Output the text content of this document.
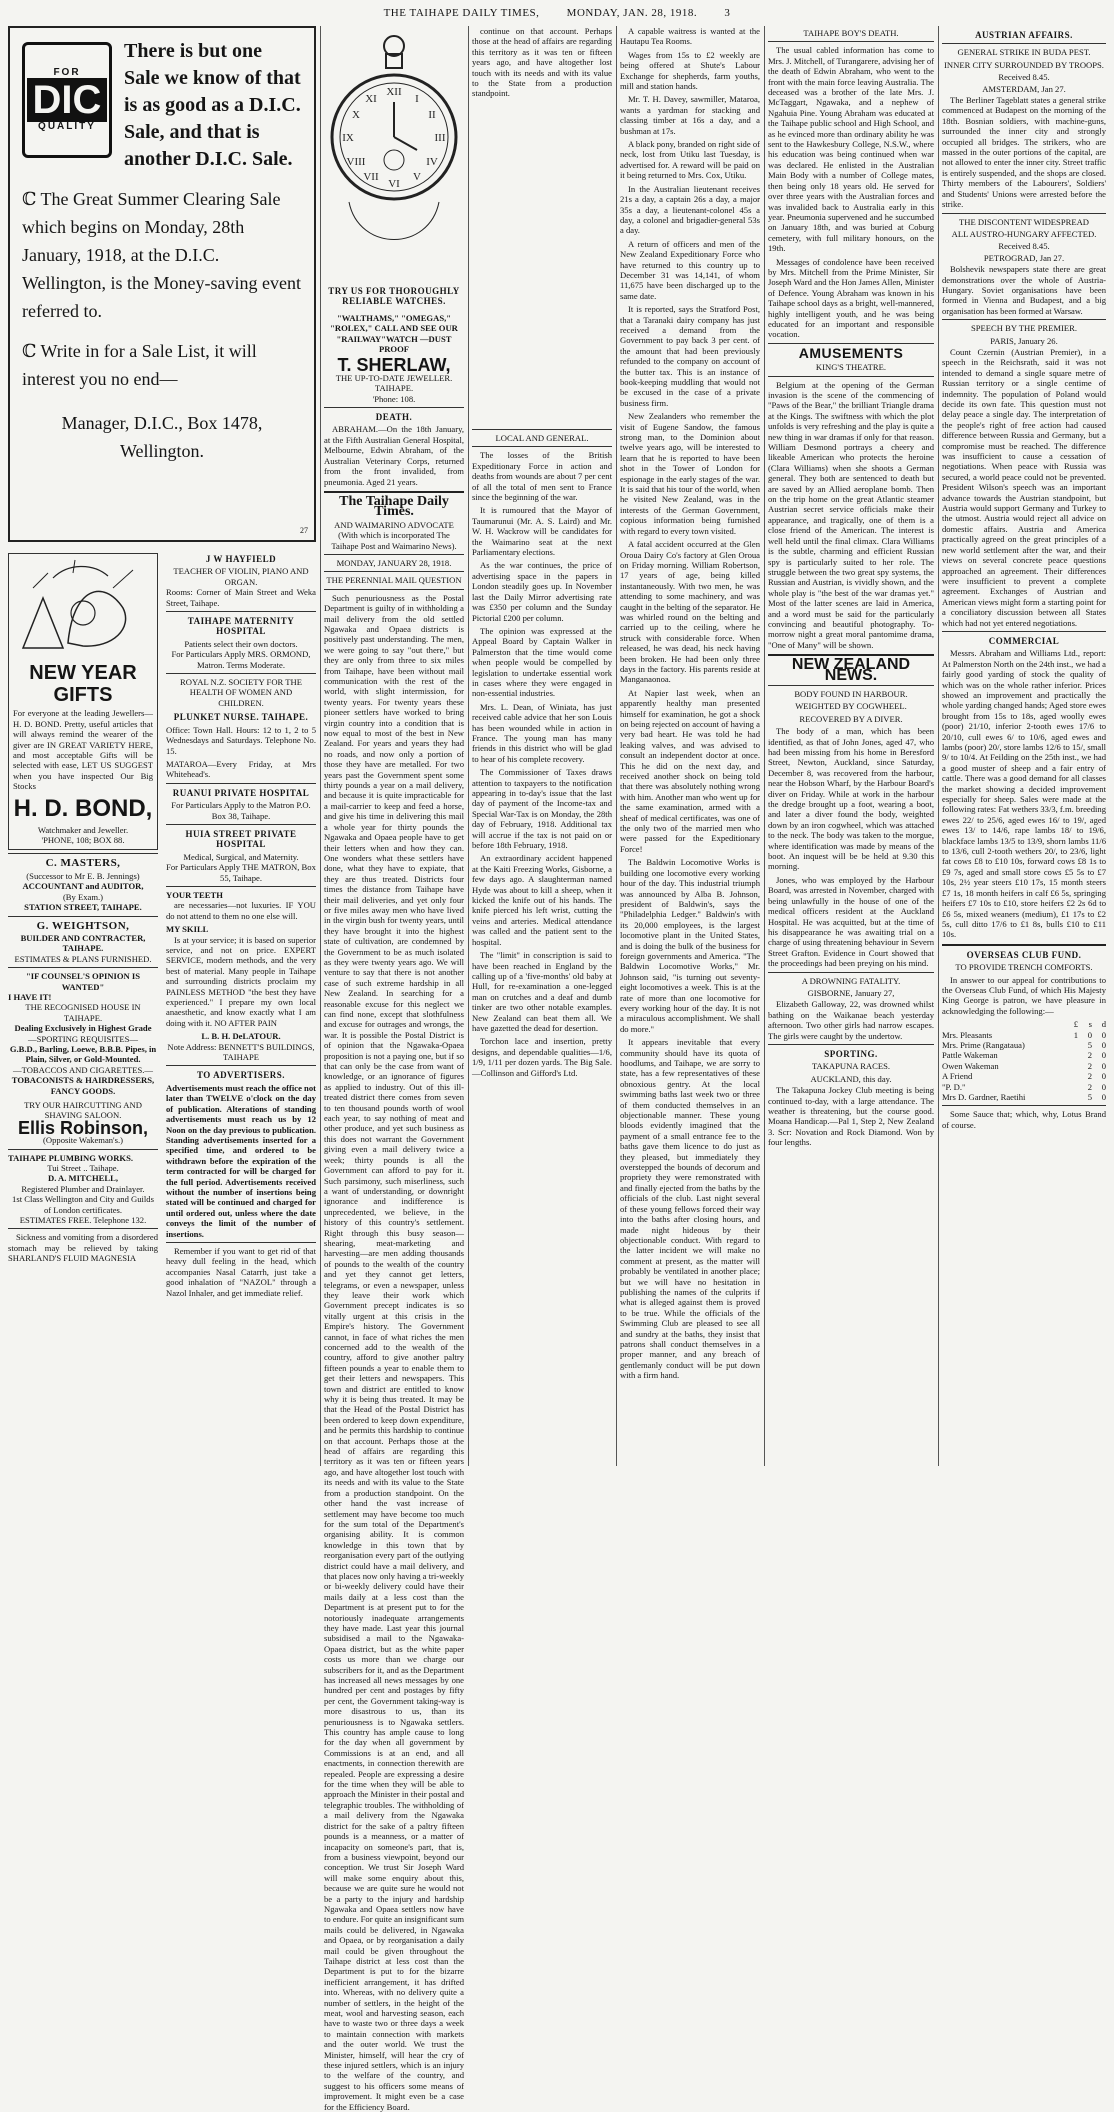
THE TAIHAPE DAILY TIMES, MONDAY, JAN. 28, 1918. 3
FOR
DIC
QUALITY

There is but one Sale we know of that is as good as a D.I.C. Sale, and that is another D.I.C. Sale.

ℂ The Great Summer Clearing Sale which begins on Monday, 28th January, 1918, at the D.I.C. Wellington, is the Money-saving event referred to.

ℂ Write in for a Sale List, it will interest you no end—

Manager, D.I.C., Box 1478,
Wellington.
27
NEW YEAR GIFTS

For everyone at the leading Jewellers—H. D. BOND. Pretty, useful articles that will always remind the wearer of the giver are IN GREAT VARIETY HERE, and most acceptable Gifts will be selected with ease, LET US SUGGEST when you have inspected Our Big Stocks

H. D. BOND,
Watchmaker and Jeweller.
'PHONE, 108; BOX 88.
C. MASTERS,
(Successor to Mr E. B. Jennings)
ACCOUNTANT and AUDITOR,
(By Exam.)
STATION STREET, TAIHAPE.
G. WEIGHTSON,
BUILDER AND CONTRACTER, TAIHAPE.
ESTIMATES & PLANS FURNISHED.
"IF COUNSEL'S OPINION IS WANTED"
I HAVE IT!
THE RECOGNISED HOUSE IN TAIHAPE.
Dealing Exclusively in Highest Grade
—SPORTING REQUISITES—
G.B.D., Barling, Loewe, B.B.B. Pipes, in Plain, Silver, or Gold-Mounted.
—TOBACCOS AND CIGARETTES.—
TOBACONISTS & HAIRDRESSERS, FANCY GOODS.
TRY OUR HAIRCUTTING AND SHAVING SALOON.
Ellis Robinson,
(Opposite Wakeman's.)
TAIHAPE PLUMBING WORKS.
Tui Street .. Taihape.
D. A. MITCHELL,
Registered Plumber and Drainlayer.
1st Class Wellington and City and Guilds of London certificates.
ESTIMATES FREE. Telephone 132.

Sickness and vomiting from a disordered stomach may be relieved by taking SHARLAND'S FLUID MAGNESIA

J W HAYFIELD
TEACHER OF VIOLIN, PIANO AND ORGAN.

Rooms: Corner of Main Street and Weka Street, Taihape.

TAIHAPE MATERNITY HOSPITAL
Patients select their own doctors.
For Particulars Apply MRS. ORMOND, Matron. Terms Moderate.
ROYAL N.Z. SOCIETY FOR THE HEALTH OF WOMEN AND CHILDREN.
PLUNKET NURSE. TAIHAPE.

Office: Town Hall. Hours: 12 to 1, 2 to 5 Wednesdays and Saturdays. Telephone No. 15.

MATAROA—Every Friday, at Mrs Whitehead's.

RUANUI PRIVATE HOSPITAL
For Particulars Apply to the Matron P.O. Box 38, Taihape.
HUIA STREET PRIVATE HOSPITAL
Medical, Surgical, and Maternity.
For Particulars Apply THE MATRON, Box 55, Taihape.
YOUR TEETH

are necessaries—not luxuries. IF YOU do not attend to them no one else will.

MY SKILL

Is at your service; it is based on superior service, and not on price. EXPERT SERVICE, modern methods, and the very best of material. Many people in Taihape and surrounding districts proclaim my PAINLESS METHOD "the best they have experienced." I prepare my own local anaesthetic, and know exactly what I am doing with it. NO AFTER PAIN

L. B. H. DeLATOUR.
Note Address: BENNETT'S BUILDINGS, TAIHAPE
TO ADVERTISERS.

Advertisements must reach the office not later than TWELVE o'clock on the day of publication. Alterations of standing advertisements must reach us by 12 Noon on the day previous to publication. Standing advertisements inserted for a specified time, and ordered to be withdrawn before the expiration of the term contracted for will be charged for the full period. Advertisements received without the number of insertions being stated will be continued and charged for until ordered out, unless where the date conveys the limit of the number of insertions.

Remember if you want to get rid of that heavy dull feeling in the head, which accompanies Nasal Catarrh, just take a good inhalation of "NAZOL" through a Nazol Inhaler, and get immediate relief.

XII
VI
IX	III
I
II
IV
V
VII
VIII
X
XI
TRY US FOR THOROUGHLY RELIABLE WATCHES.
"WALTHAMS," "OMEGAS," "ROLEX," CALL AND SEE OUR "RAILWAY"WATCH —DUST PROOF
T. SHERLAW,
THE UP-TO-DATE JEWELLER. TAIHAPE.
'Phone: 108.
DEATH.

ABRAHAM.—On the 18th January, at the Fifth Australian General Hospital, Melbourne, Edwin Abraham, of the Australian Veterinary Corps, returned from the front invalided, from pneumonia. Aged 21 years.

The Taihape Daily Times.
AND WAIMARINO ADVOCATE
(With which is incorporated The Taihape Post and Waimarino News).
MONDAY, JANUARY 28, 1918.
THE PERENNIAL MAIL QUESTION

Such penuriousness as the Postal Department is guilty of in withholding a mail delivery from the old settled Ngawaka and Opaea districts is positively past understanding. The men, we were going to say "out there," but they are only from three to six miles from Taihape, have been without mail communication with the rest of the world, with slight intermission, for twenty years. For twenty years these pioneer settlers have worked to bring virgin country into a condition that is now equal to most of the best in New Zealand. For years and years they had no roads, and now only a portion of those they have are metalled. For two years past the Government spent some thirty pounds a year on a mail delivery, and because it is quite impracticable for a mail-carrier to keep and feed a horse, and give his time in delivering this mail a whole year for thirty pounds the Ngawaka and Opaea people have to get their letters when and how they can. One wonders what these settlers have done, what they have to expiate, that they are thus treated. Districts four times the distance from Taihape have their mail deliveries, and yet only four or five miles away men who have lived in the virgin bush for twenty years, until they have brought it into the highest state of cultivation, are condemned by the Government to be as much isolated as they were twenty years ago. We will venture to say that there is not another case of such extreme hardship in all New Zealand. In searching for a reasonable excuse for this neglect we can find none, except that slothfulness and excuse for outrages and wrongs, the war. It is possible the Postal District is of opinion that the Ngawaka-Opaea proposition is not a paying one, but if so that can only be the case from want of knowledge, or an ignorance of figures as applied to industry. Out of this ill-treated district there comes from seven to ten thousand pounds worth of wool each year, to say nothing of meat and other produce, and yet such business as this does not warrant the Government giving even a mail delivery twice a week; thirty pounds is all the Government can afford to pay for it. Such parsimony, such miserliness, such a want of understanding, or downright ignorance and indifference is unprecedented, we believe, in the history of this country's settlement. Right through this busy season—shearing, meat-marketing and harvesting—are men adding thousands of pounds to the wealth of the country and yet they cannot get letters, telegrams, or even a newspaper, unless they leave their work which Government precept indicates is so vitally urgent at this crisis in the Empire's history. The Government cannot, in face of what riches the men concerned add to the wealth of the country, afford to give another paltry fifteen pounds a year to enable them to get their letters and newspapers. This town and district are entitled to know why it is being thus treated. It may be that the Head of the Postal District has been ordered to keep down expenditure, and he permits this hardship to continue on that account. Perhaps those at the head of affairs are regarding this territory as it was ten or fifteen years ago, and have altogether lost touch with its needs and with its value to the State from a production standpoint. On the other hand the vast increase of settlement may have become too much for the sum total of the Department's organising ability. It is common knowledge in this town that by reorganisation every part of the outlying district could have a mail delivery, and that places now only having a tri-weekly or bi-weekly delivery could have their mails daily at a less cost than the Department is at present put to for the notoriously inadequate arrangements they have made. Last year this journal subsidised a mail to the Ngawaka-Opaea district, but as the white paper costs us more than we charge our subscribers for it, and as the Department has increased all news messages by one hundred per cent and postages by fifty per cent, the Government taking-way is more disastrous to us, than its penuriousness is to Ngawaka settlers. This country has ample cause to long for the day when all government by Commissions is at an end, and all enactments, in connection therewith are repealed. People are expressing a desire for the time when they will be able to approach the Minister in their postal and telegraphic troubles. The withholding of a mail delivery from the Ngawaka district for the sake of a paltry fifteen pounds is a meanness, or a matter of incapacity on someone's part, that is, from a business viewpoint, beyond our conception. We trust Sir Joseph Ward will make some enquiry about this, because we are quite sure he would not be a party to the injury and hardship Ngawaka and Opaea settlers now have to endure. For quite an insignificant sum mails could be delivered, in Ngawaka and Opaea, or by reorganisation a daily mail could be given throughout the Taihape district at less cost than the Department is put to for the bizarre inefficient arrangement, it has drifted into. Whereas, with no delivery quite a number of settlers, in the height of the meat, wool and harvesting season, each have to waste two or three days a week to maintain connection with markets and the outer world. We trust the Minister, himself, will hear the cry of these injured settlers, which is an injury to the welfare of the country, and suggest to his officers some means of improvement. It might even be a case for the Efficiency Board.

continue on that account. Perhaps those at the head of affairs are regarding this territory as it was ten or fifteen years ago, and have altogether lost touch with its needs and with its value to the State from a production standpoint.

LOCAL AND GENERAL.

The losses of the British Expeditionary Force in action and deaths from wounds are about 7 per cent of all the total of men sent to France since the beginning of the war.

It is rumoured that the Mayor of Taumarunui (Mr. A. S. Laird) and Mr. W. H. Wackrow will be candidates for the Waimarino seat at the next Parliamentary elections.

As the war continues, the price of advertising space in the papers in London steadily goes up. In November last the Daily Mirror advertising rate was £350 per column and the Sunday Pictorial £200 per column.

The opinion was expressed at the Appeal Board by Captain Walker in Palmerston that the time would come when people would be compelled by legislation to undertake essential work in cases where they were engaged in non-essential industries.

Mrs. L. Dean, of Winiata, has just received cable advice that her son Louis has been wounded while in action in France. The young man has many friends in this district who will be glad to hear of his complete recovery.

The Commissioner of Taxes draws attention to taxpayers to the notification appearing in to-day's issue that the last day of payment of the Income-tax and Special War-Tax is on Monday, the 28th day of February, 1918. Additional tax will accrue if the tax is not paid on or before 18th February, 1918.

An extraordinary accident happened at the Kaiti Freezing Works, Gisborne, a few days ago. A slaughterman named Hyde was about to kill a sheep, when it kicked the knife out of his hands. The knife pierced his left wrist, cutting the veins and arteries. Medical attendance was called and the patient sent to the hospital.

The "limit" in conscription is said to have been reached in England by the calling up of a 'five-months' old baby at Hull, for re-examination a one-legged man on crutches and a deaf and dumb tinker are two other notable examples. New Zealand can beat them all. We have gazetted the dead for desertion.

Torchon lace and insertion, pretty designs, and dependable qualities—1/6, 1/9, 1/11 per dozen yards. The Big Sale.—Collinson and Gifford's Ltd.

A capable waitress is wanted at the Hautapu Tea Rooms.

Wages from 15s to £2 weekly are being offered at Shute's Labour Exchange for shepherds, farm youths, mill and station hands.

Mr. T. H. Davey, sawmiller, Mataroa, wants a yardman for stacking and classing timber at 16s a day, and a bushman at 17s.

A black pony, branded on right side of neck, lost from Utiku last Tuesday, is advertised for. A reward will be paid on it being returned to Mrs. Cox, Utiku.

In the Australian lieutenant receives 21s a day, a captain 26s a day, a major 35s a day, a lieutenant-colonel 45s a day, a colonel and brigadier-general 53s a day.

A return of officers and men of the New Zealand Expeditionary Force who have returned to this country up to December 31 was 14,141, of whom 11,675 have been discharged up to the same date.

It is reported, says the Stratford Post, that a Taranaki dairy company has just received a demand from the Government to pay back 3 per cent. of the amount that had been previously refunded to the company on account of the butter tax. This is an instance of book-keeping muddling that would not be excused in the case of a private business firm.

New Zealanders who remember the visit of Eugene Sandow, the famous strong man, to the Dominion about twelve years ago, will be interested to learn that he is reported to have been shot in the Tower of London for espionage in the early stages of the war. It is said that his tour of the world, when he visited New Zealand, was in the interests of the German Government, copious information being furnished with regard to every town visited.

A fatal accident occurred at the Glen Oroua Dairy Co's factory at Glen Oroua on Friday morning. William Robertson, 17 years of age, being killed instantaneously. With two men, he was attending to some machinery, and was caught in the belting of the separator. He was whirled round on the belting and carried up to the ceiling, where he struck with considerable force. When released, he was dead, his neck having been broken. He had been only three days in the factory. His parents reside at Manganaonoa.

At Napier last week, when an apparently healthy man presented himself for examination, he got a shock on being rejected on account of having a very bad heart. He was told he had leaking valves, and was advised to consult an independent doctor at once. This he did on the next day, and received another shock on being told that there was absolutely nothing wrong with him. Another man who went up for the same examination, armed with a sheaf of medical certificates, was one of the only two of the married men who were passed for the Expeditionary Force!

The Baldwin Locomotive Works is building one locomotive every working hour of the day. This industrial triumph was announced by Alba B. Johnson, president of Baldwin's, says the "Philadelphia Ledger." Baldwin's with its 20,000 employees, is the largest locomotive plant in the United States, and is doing the bulk of the business for foreign governments and America. "The Baldwin Locomotive Works," Mr. Johnson said, "is turning out seventy-eight locomotives a week. This is at the rate of more than one locomotive for every working hour of the day. It is not a miraculous accomplishment. We shall do more."

It appears inevitable that every community should have its quota of hoodlums, and Taihape, we are sorry to state, has a few representatives of these obnoxious gentry. At the local swimming baths last week two or three of them conducted themselves in an objectionable manner. These young bloods evidently imagined that the payment of a small entrance fee to the baths gave them licence to do just as they pleased, but immediately they overstepped the bounds of decorum and propriety they were remonstrated with and finally ejected from the baths by the officials of the club. Last night several of these young fellows forced their way into the baths after closing hours, and made night hideous by their objectionable conduct. With regard to the latter incident we will make no comment at present, as the matter will probably be ventilated in another place; but we will have no hesitation in publishing the names of the culprits if what is alleged against them is proved to be true. While the officials of the Swimming Club are pleased to see all and sundry at the baths, they insist that patrons shall conduct themselves in a proper manner, and any breach of gentlemanly conduct will be put down with a firm hand.

TAIHAPE BOY'S DEATH.

The usual cabled information has come to Mrs. J. Mitchell, of Turangarere, advising her of the death of Edwin Abraham, who went to the front with the main force leaving Australia. The deceased was a brother of the late Mrs. J. McTaggart, Ngawaka, and a nephew of Ngahuia Pine. Young Abraham was educated at the Taihape public school and High School, and as he evinced more than ordinary ability he was sent to the Hawkesbury College, N.S.W., where his education was being continued when war was declared. He enlisted in the Australian Main Body with a number of College mates, then being only 18 years old. He served for over three years with the Australian forces and was invalided back to Australia early in this year. Pneumonia supervened and he succumbed on January 18th, and was buried at Coburg cemetery, with full military honours, on the 19th.

Messages of condolence have been received by Mrs. Mitchell from the Prime Minister, Sir Joseph Ward and the Hon James Allen, Minister of Defence. Young Abraham was known in his Taihape school days as a bright, well-mannered, highly intelligent youth, and he was being educated for an important and responsible vocation.

AMUSEMENTS
KING'S THEATRE.

Belgium at the opening of the German invasion is the scene of the commencing of "Paws of the Bear," the brilliant Triangle drama at the Kings. The swiftness with which the plot unfolds is very refreshing and the play is quite a new thing in war dramas if only for that reason. William Desmond portrays a cheery and likeable American who protects the heroine (Clara Williams) when she shoots a German general. They both are sentenced to death but are saved by an Allied aeroplane bomb. Then on the trip home on the great Atlantic steamer Austrian secret service officials make their appearance, and tragically, one of them is a close friend of the American. The interest is well held until the final climax. Clara Williams is the subtle, charming and efficient Russian spy is particularly suited to her role. The struggle between the two great spy systems, the Russian and Austrian, is vividly shown, and the whole play is "the best of the war dramas yet." Most of the latter scenes are laid in America, and a word must be said for the particularly convincing and beautiful photography. To-morrow night a great moral pantomime drama, "One of Many" will be shown.

NEW ZEALAND NEWS.
BODY FOUND IN HARBOUR.
WEIGHTED BY COGWHEEL.
RECOVERED BY A DIVER.

The body of a man, which has been identified, as that of John Jones, aged 47, who had been missing from his home in Beresford Street, Newton, Auckland, since Saturday, December 8, was recovered from the harbour, near the Hobson Wharf, by the Harbour Board's diver on Friday. While at work in the harbour the dredge brought up a foot, wearing a boot, and later a diver found the body, weighted down by an iron cogwheel, which was attached to the neck. The body was taken to the morgue, where identification was made by means of the boot. An inquest will be be held at 9.30 this morning.

Jones, who was employed by the Harbour Board, was arrested in November, charged with being unlawfully in the house of one of the medical officers resident at the Auckland Hospital. He was acquitted, but at the time of his disappearance he was awaiting trial on a charge of using threatening behaviour in Severn Street Grafton. Evidence in Court showed that the proceedings had been preying on his mind.

A DROWNING FATALITY.
GISBORNE, January 27,

Elizabeth Galloway, 22, was drowned whilst bathing on the Waikanae beach yesterday afternoon. Two other girls had narrow escapes. The girls were caught by the undertow.

SPORTING.
TAKAPUNA RACES.
AUCKLAND, this day.

The Takapuna Jockey Club meeting is being continued to-day, with a large attendance. The weather is threatening, but the course good. Moana Handicap.—Pal 1, Step 2, New Zealand 3. Scr: Novation and Rock Diamond. Won by four lengths.

AUSTRIAN AFFAIRS.
GENERAL STRIKE IN BUDA PEST.
INNER CITY SURROUNDED BY TROOPS.
Received 8.45.
AMSTERDAM, Jan 27.

The Berliner Tageblatt states a general strike commenced at Budapest on the morning of the 18th. Bosnian soldiers, with machine-guns, surrounded the inner city and strongly occupied all bridges. The strikers, who are massed in the outer portions of the capital, are not allowed to enter the inner city. Street traffic is entirely suspended, and the shops are closed. Thirty members of the Labourers', Soldiers' and Students' Unions were arrested before the strike.

THE DISCONTENT WIDESPREAD
ALL AUSTRO-HUNGARY AFFECTED.
Received 8.45.
PETROGRAD, Jan 27.

Bolshevik newspapers state there are great demonstrations over the whole of Austria-Hungary. Soviet organisations have been formed in Vienna and Budapest, and a big organisation has been formed at Warsaw.

SPEECH BY THE PREMIER.
PARIS, January 26.

Count Czernin (Austrian Premier), in a speech in the Reichsrath, said it was not intended to demand a single square metre of Russian territory or a single centime of indemnity. The population of Poland would decide its own fate. This question must not delay peace a single day. The interpretation of the people's right of free action had caused difference between Russia and Germany, but a compromise must be reached. The difference was insufficient to cause a cessation of negotiations. When peace with Russia was secured, a world peace could not be prevented. President Wilson's speech was an important advance towards the Austrian standpoint, but Austria would support Germany and Turkey to the utmost. Austria would reject all advice on domestic affairs. Austria and America practically agreed on the great principles of a new world settlement after the war, and their views on several concrete peace questions approached an agreement. Their differences were insufficient to prevent a complete agreement. Exchanges of Austrian and American views might form a starting point for a conciliatory discussion between all States which had not yet entered negotiations.

COMMERCIAL

Messrs. Abraham and Williams Ltd., report: At Palmerston North on the 24th inst., we had a fairly good yarding of stock the quality of which was on the whole rather inferior. Prices showed an improvement and practically the whole yarding changed hands; Aged store ewes brought from 15s to 18s, aged woolly ewes (poor) 21/10, inferior 2-tooth ewes 17/6 to 20/10, cull ewes 6/ to 10/6, aged ewes and lambs (poor) 20/, store lambs 12/6 to 15/, small 9/ to 10/4. At Feilding on the 25th inst., we had a good muster of sheep and a fair entry of cattle. There was a good demand for all classes the market showing a decided improvement especially for sheep. Sales were made at the following rates: Fat wethers 33/3, f.m. breeding ewes 22/ to 25/6, aged ewes 16/ to 19/, aged ewes 13/ to 14/6, rape lambs 18/ to 19/6, blackface lambs 13/5 to 13/9, shorn lambs 11/6 to 13/6, cull 2-tooth wethers 20/, to 23/6, light fat cows £8 to £10 10s, forward cows £8 1s to £9 7s, aged and small store cows £5 5s to £7 10s, 2½ year steers £10 17s, 15 month steers £7 1s, 18 month heifers in calf £6 5s, springing heifers £7 10s to £10, store heifers £2 2s 6d to £6 5s, mixed weaners (medium), £1 17s to £2 5s, cull ditto 17/6 to £1 8s, bulls £10 to £11 10s.

OVERSEAS CLUB FUND.
TO PROVIDE TRENCH COMFORTS.

In answer to our appeal for contributions to the Overseas Club Fund, of which His Majesty King George is patron, we have pleasure in acknowledging the following:—

	£	s	d
Mrs. Pleasants	1	0	0
Mrs. Prime (Rangataua)		5	0
Pattle Wakeman		2	0
Owen Wakeman		2	0
A Friend		2	0
"P. D."		2	0
Mrs D. Gardner, Raetihi		5	0

Some Sauce that; which, why, Lotus Brand of course.
